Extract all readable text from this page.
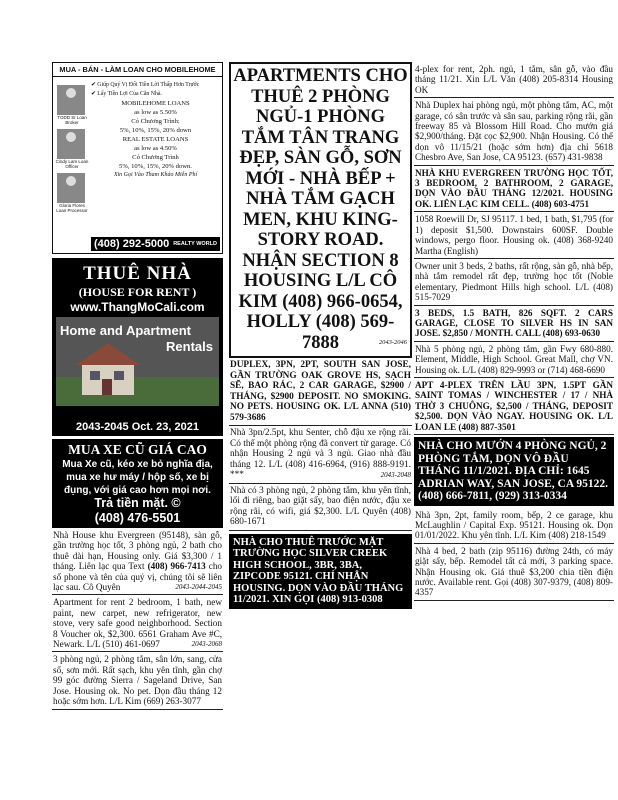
MUA - BÁN - LÀM LOAN CHO MOBILEHOME
TODD SI Loan Broker
Cindy Lam Loan Officer
Gloria Flores Loan Processor
✔ Giúp Quý Vị Đổi Tiền Lời Thấp Hơn Trước
✔ Lấy Tiền Lợi Của Căn Nhà.
MOBILEHOME LOANS
as low as 5.50%
Có Chương Trình:
5%, 10%, 15%, 20% down
REAL ESTATE LOANS
as low as 4.50%
Có Chương Trình
5%, 10%, 15%, 20% down.
Xin Gọi Vào Tham Khảo Miễn Phí
(408) 292-5000 REALTY WORLD
THUÊ NHÀ
(HOUSE FOR RENT )
www.ThangMoCali.com
Home and Apartment
Rentals
2043-2045 Oct. 23, 2021
MUA XE CŨ GIÁ CAO
Mua Xe cũ, kéo xe bỏ nghĩa địa, mua xe hư máy / hộp số, xe bị đụng, với giá cao hơn mọi nơi. Trả tiền mặt. ©
(408) 476-5501
Nhà House khu Evergreen (95148), sàn gỗ, gần trường học tốt, 3 phòng ngủ, 2 bath cho thuê dài hạn, Housing only. Giá $3,300 / 1 tháng. Liên lạc qua Text (408) 966-7413 cho số phone và tên của quý vị, chúng tôi sẽ liên lạc sau. Cô Quyên	2043-2044-2045
Apartment for rent 2 bedroom, 1 bath, new paint, new carpet, new refrigerator, new stove, very safe good neighborhood. Section 8 Voucher ok, $2,300. 6561 Graham Ave #C, Newark. L/L (510) 461-0697	2043-2068
3 phòng ngủ, 2 phòng tắm, sân lớn, sang, cửa sổ, sơn mới. Rất sạch, khu yên tĩnh, gần chợ 99 góc đường Sierra / Sageland Drive, San Jose. Housing ok. No pet. Dọn đầu tháng 12 hoặc sớm hơn. L/L Kim (669) 263-3077
APARTMENTS CHO THUÊ 2 PHÒNG NGỦ-1 PHÒNG TẮM TÂN TRANG ĐẸP, SÀN GỖ, SƠN MỚI - NHÀ BẾP + NHÀ TẮM GẠCH MEN, KHU KING- STORY ROAD. NHẬN SECTION 8 HOUSING L/L CÔ KIM (408) 966-0654, HOLLY (408) 569-7888	2043-2046
DUPLEX, 3PN, 2PT, SOUTH SAN JOSE, GẦN TRƯỜNG OAK GROVE HS, SẠCH SẼ, BAO RÁC, 2 CAR GARAGE, $2900 / THÁNG, $2900 DEPOSIT. NO SMOKING. NO PETS. HOUSING OK. L/L ANNA (510) 579-3686
Nhà 3pn/2.5pt, khu Senter, chỗ đậu xe rộng rãi. Có thể một phòng rộng đã convert từ garage. Có nhận Housing 2 ngủ và 3 ngủ. Giao nhà đầu tháng 12. L/L (408) 416-6964, (916) 888-9191. ***	2043-2048
Nhà có 3 phòng ngủ, 2 phòng tắm, khu yên tĩnh, lối đi riêng, bao giặt sấy, bao điện nước, đậu xe rộng rãi, có wifi, giá $2,300. L/L Quyên (408) 680-1671
NHÀ CHO THUÊ TRƯỚC MẶT TRƯỜNG HỌC SILVER CREEK HIGH SCHOOL, 3BR, 3BA, ZIPCODE 95121. CHỈ NHẬN HOUSING. DỌN VÀO ĐẦU THÁNG 11/2021. XIN GỌI (408) 913-0308
4-plex for rent, 2ph. ngủ, 1 tắm, sân gỗ, vào đầu tháng 11/21. Xin L/L Văn (408) 205-8314 Housing OK
Nhà Duplex hai phòng ngủ, một phòng tắm, AC, một garage, có sân trước và sân sau, parking rộng rãi, gần freeway 85 và Blossom Hill Road. Cho mướn giá $2,900/tháng. Đặt cọc $2,900. Nhận Housing. Có thể dọn vô 11/15/21 (hoặc sớm hơn) địa chỉ 5618 Chesbro Ave, San Jose, CA 95123. (657) 431-9838
NHÀ KHU EVERGREEN TRƯỜNG HỌC TỐT, 3 BEDROOM, 2 BATHROOM, 2 GARAGE, DỌN VÀO ĐẦU THÁNG 12/2021. HOUSING OK. LIÊN LẠC KIM CELL. (408) 603-4751
1058 Roewill Dr, SJ 95117. 1 bed, 1 bath, $1,795 (for 1) deposit $1,500. Downstairs 600SF. Double windows, pergo floor. Housing ok. (408) 368-9240 Martha (English)
Owner unit 3 beds, 2 baths, rất rộng, sàn gỗ, nhà bếp, nhà tắm remodel rất đẹp, trường học tốt (Noble elementary, Piedmont Hills high school. L/L (408) 515-7029
3 BEDS, 1.5 BATH, 826 SQFT. 2 CARS GARAGE, CLOSE TO SILVER HS IN SAN JOSE. $2,850 / MONTH. CALL (408) 693-0630
Nhà 5 phòng ngủ, 2 phòng tắm, gần Fwy 680-880. Element, Middle, High School. Great Mall, chợ VN. Housing ok. L/L (408) 829-9993 or (714) 468-6690
APT 4-PLEX TRÊN LẦU 3PN, 1.5PT GẦN SAINT TOMAS / WINCHESTER / 17 / NHÀ THỜ 3 CHUÔNG, $2,500 / THÁNG, DEPOSIT $2,500. DỌN VÀO NGAY. HOUSING OK. L/L LOAN LE (408) 887-3501
NHÀ CHO MƯỚN 4 PHÒNG NGỦ, 2 PHÒNG TẮM, DỌN VÔ ĐẦU THÁNG 11/1/2021. ĐỊA CHỈ: 1645 ADRIAN WAY, SAN JOSE, CA 95122. (408) 666-7811, (929) 313-0334
Nhà 3pn, 2pt, family room, bếp, 2 ce garage, khu McLaughlin / Capital Exp. 95121. Housing ok. Dọn 01/01/2022. Khu yên tĩnh. L/L Kim (408) 218-1549
Nhà 4 bed, 2 bath (zip 95116) đường 24th, có máy giặt sấy, bếp. Remodel tất cả mới, 3 parking space. Nhận Housing ok. Giá thuê $3,200 chia tiền điện nước. Available rent. Gọi (408) 307-9379, (408) 809-4357
